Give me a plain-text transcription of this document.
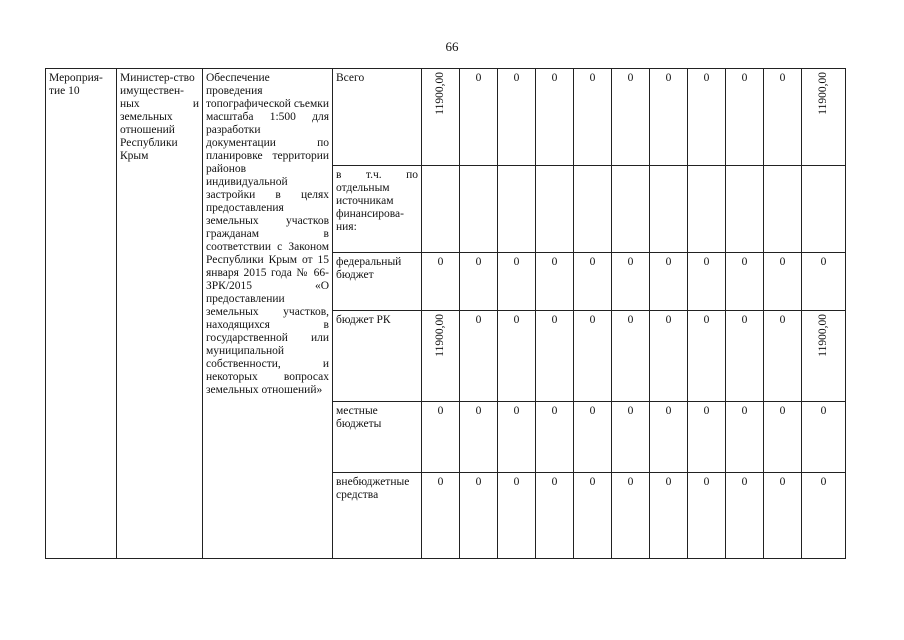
66
Мероприя-тие 10	Министер-ство имуществен-ных и земельных отношений Республики Крым	Обеспечение проведения топографической съемки масштаба 1:500 для разработки документации по планировке территории районов индивидуальной застройки в целях предоставления земельных участков гражданам в соответствии с Законом Республики Крым от 15 января 2015 года № 66-ЗРК/2015 «О предоставлении земельных участков, находящихся в государственной или муниципальной собственности, и некоторых вопросах земельных отношений»	Всего	11900,00	0	0	0	0	0	0	0	0	0	11900,00
			в т.ч. по отдельным источникам финансирова-ния:											
			федеральный бюджет	0	0	0	0	0	0	0	0	0	0	0
			бюджет РК	11900,00	0	0	0	0	0	0	0	0	0	11900,00
			местные бюджеты	0	0	0	0	0	0	0	0	0	0	0
			внебюджетные средства	0	0	0	0	0	0	0	0	0	0	0
